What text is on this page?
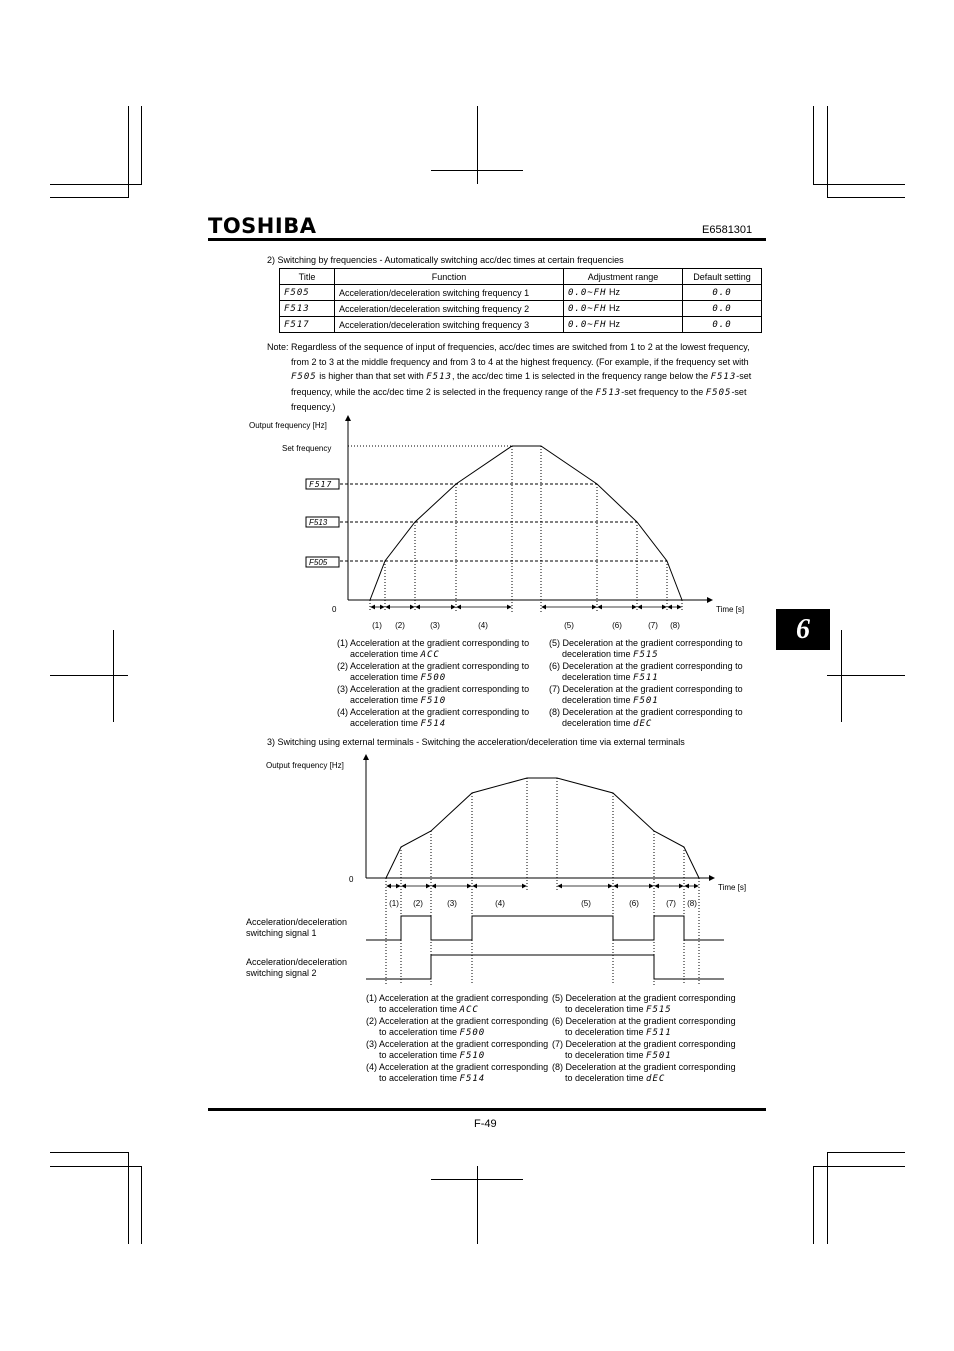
TOSHIBA	E6581301
6
2) Switching by frequencies - Automatically switching acc/dec times at certain frequencies
Title	Function	Adjustment range	Default setting
F505	Acceleration/deceleration switching frequency 1	0.0~FH Hz	0.0
F513	Acceleration/deceleration switching frequency 2	0.0~FH Hz	0.0
F517	Acceleration/deceleration switching frequency 3	0.0~FH Hz	0.0
Note: Regardless of the sequence of input of frequencies, acc/dec times are switched from 1 to 2 at the lowest frequency, from 2 to 3 at the middle frequency and from 3 to 4 at the highest frequency. (For example, if the frequency set with F505 is higher than that set with F513, the acc/dec time 1 is selected in the frequency range below the F513-set frequency, while the acc/dec time 2 is selected in the frequency range of the F513-set frequency to the F505-set frequency.)
Output frequency [Hz]
Set frequency
0	Time [s]
F517
F513
F505
(1) (2)	(3)	(4)	(5)	(6)	(7) (8)
(1) Acceleration at the gradient corresponding to
acceleration time ACC
(2) Acceleration at the gradient corresponding to
acceleration time F500
(3) Acceleration at the gradient corresponding to
acceleration time F510
(4) Acceleration at the gradient corresponding to
acceleration time F514
(5) Deceleration at the gradient corresponding to
deceleration time F515
(6) Deceleration at the gradient corresponding to
deceleration time F511
(7) Deceleration at the gradient corresponding to
deceleration time F501
(8) Deceleration at the gradient corresponding to
deceleration time dEC
3) Switching using external terminals - Switching the acceleration/deceleration time via external terminals
Output frequency [Hz]
0
Time [s]
(1) (2)	(3)	(4)	(5)	(6)	(7) (8)
Acceleration/deceleration
switching signal 1
Acceleration/deceleration
switching signal 2
(1) Acceleration at the gradient corresponding
to acceleration time ACC
(2) Acceleration at the gradient corresponding
to acceleration time F500
(3) Acceleration at the gradient corresponding
to acceleration time F510
(4) Acceleration at the gradient corresponding
to acceleration time F514
(5) Deceleration at the gradient corresponding
to deceleration time F515
(6) Deceleration at the gradient corresponding
to deceleration time F511
(7) Deceleration at the gradient corresponding
to deceleration time F501
(8) Deceleration at the gradient corresponding
to deceleration time dEC
F-49
